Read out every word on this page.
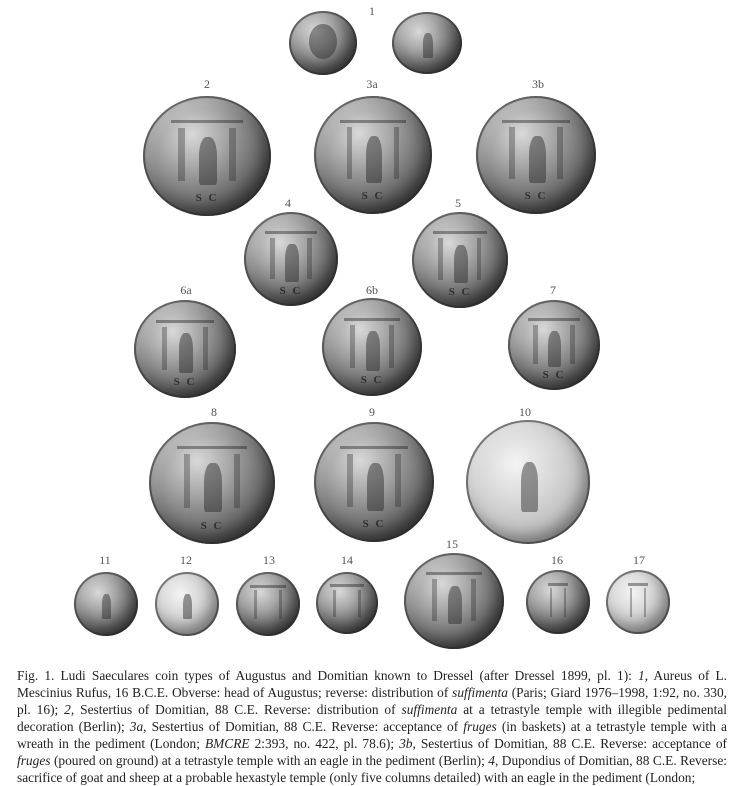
1
2	3a	3b
S C	S C	S C
4	5
S C	S C
6a	6b	7
S C	S C	S C
8	9	10
S C	S C
11	12	13	14
15
16	17

Fig. 1. Ludi Saeculares coin types of Augustus and Domitian known to Dressel (after Dressel 1899, pl. 1): 1, Aureus of L. Mescinius Rufus, 16 B.C.E. Obverse: head of Augustus; reverse: distribution of suffimenta (Paris; Giard 1976–1998, 1:92, no. 330, pl. 16); 2, Sestertius of Domitian, 88 C.E. Reverse: distribution of suffimenta at a tetrastyle temple with illegible pedimental decoration (Berlin); 3a, Sestertius of Domitian, 88 C.E. Reverse: acceptance of fruges (in baskets) at a tetrastyle temple with a wreath in the pediment (London; BMCRE 2:393, no. 422, pl. 78.6); 3b, Sestertius of Domitian, 88 C.E. Reverse: acceptance of fruges (poured on ground) at a tetrastyle temple with an eagle in the pediment (Berlin); 4, Dupondius of Domitian, 88 C.E. Reverse: sacrifice of goat and sheep at a probable hexastyle temple (only five columns detailed) with an eagle in the pediment (London;
